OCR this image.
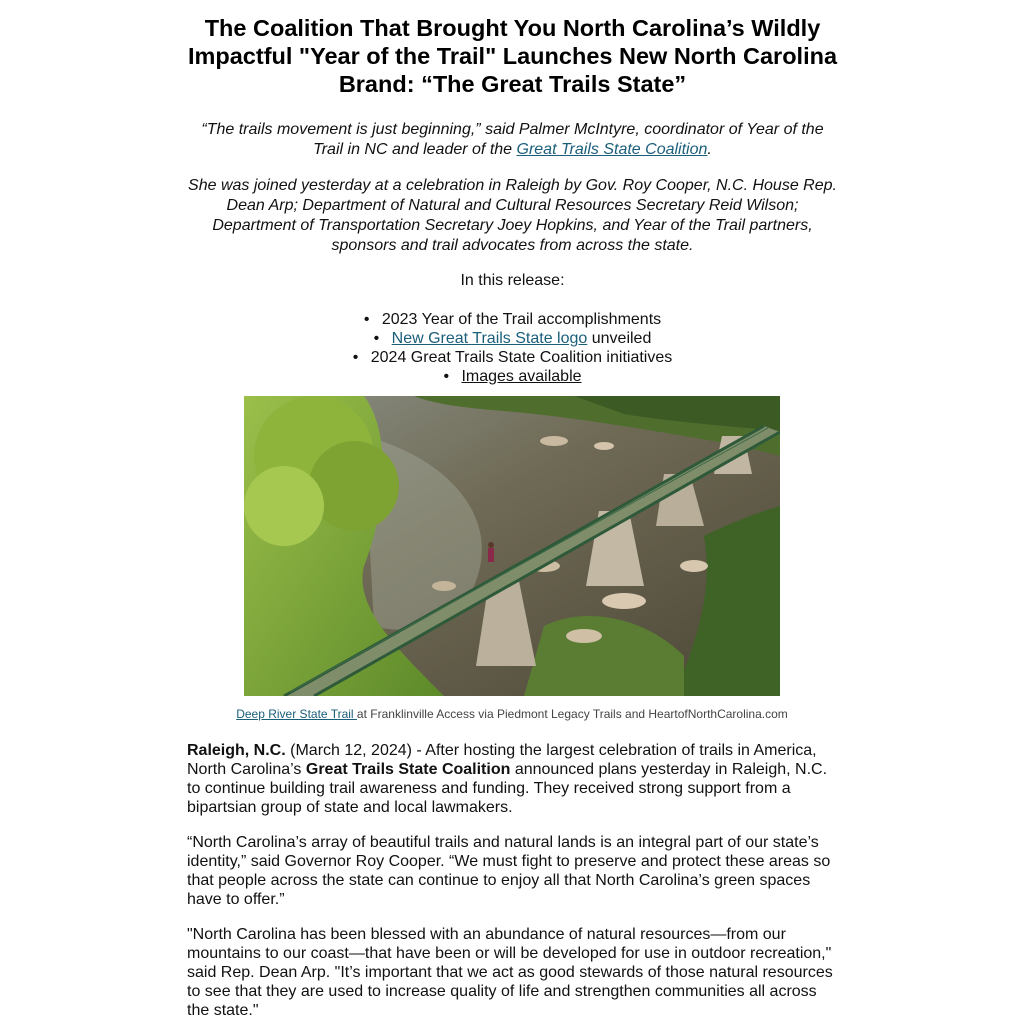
The Coalition That Brought You North Carolina’s Wildly Impactful "Year of the Trail" Launches New North Carolina Brand: “The Great Trails State”

“The trails movement is just beginning,” said Palmer McIntyre, coordinator of Year of the Trail in NC and leader of the Great Trails State Coalition.

She was joined yesterday at a celebration in Raleigh by Gov. Roy Cooper, N.C. House Rep. Dean Arp; Department of Natural and Cultural Resources Secretary Reid Wilson; Department of Transportation Secretary Joey Hopkins, and Year of the Trail partners, sponsors and trail advocates from across the state.

In this release:

• 2023 Year of the Trail accomplishments
• New Great Trails State logo unveiled
• 2024 Great Trails State Coalition initiatives
• Images available

Raleigh, N.C. (March 12, 2024) - After hosting the largest celebration of trails in America, North Carolina’s Great Trails State Coalition announced plans yesterday in Raleigh, N.C. to continue building trail awareness and funding. They received strong support from a bipartsian group of state and local lawmakers.

“North Carolina’s array of beautiful trails and natural lands is an integral part of our state’s identity,” said Governor Roy Cooper. “We must fight to preserve and protect these areas so that people across the state can continue to enjoy all that North Carolina’s green spaces have to offer.”

"North Carolina has been blessed with an abundance of natural resources—from our mountains to our coast—that have been or will be developed for use in outdoor recreation," said Rep. Dean Arp. "It’s important that we act as good stewards of those natural resources to see that they are used to increase quality of life and strengthen communities all across the state."

Deep River State Trail at Franklinville Access via Piedmont Legacy Trails and HeartofNorthCarolina.com
